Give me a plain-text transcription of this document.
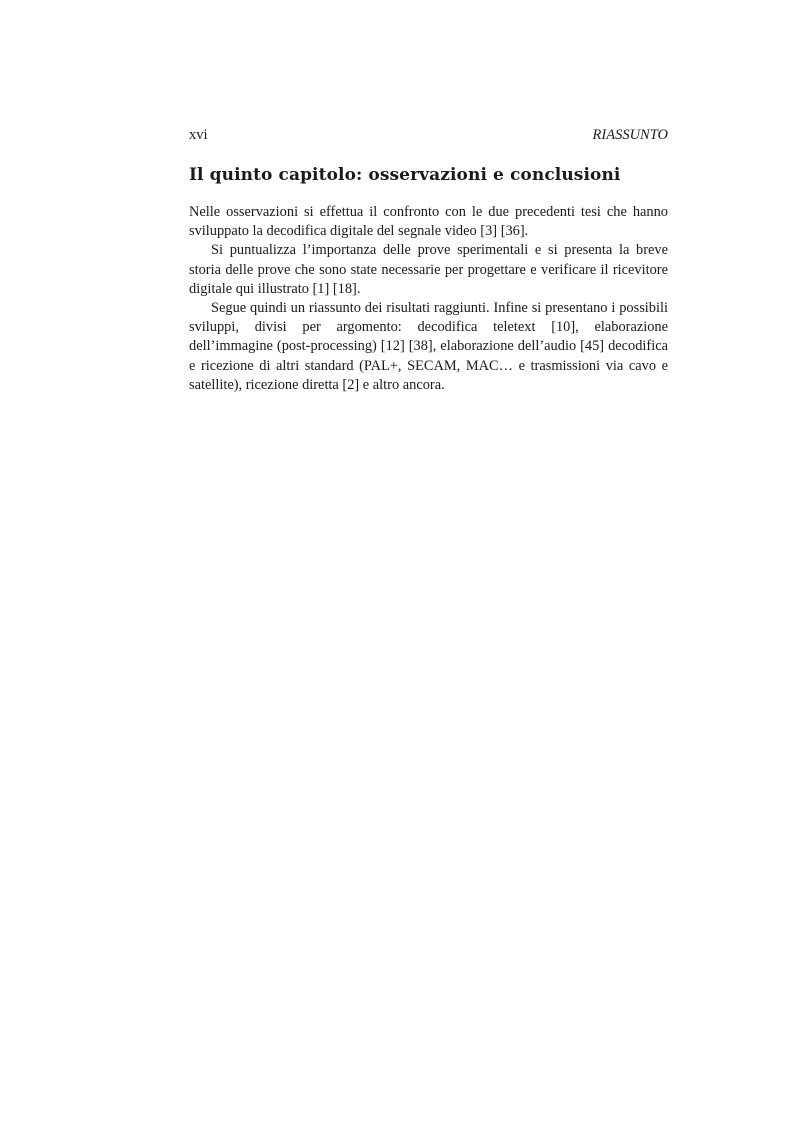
xvi	RIASSUNTO
Il quinto capitolo: osservazioni e conclusioni

Nelle osservazioni si effettua il confronto con le due precedenti tesi che hanno sviluppato la decodifica digitale del segnale video [3] [36].

Si puntualizza l’importanza delle prove sperimentali e si presenta la breve storia delle prove che sono state necessarie per progettare e verificare il ricevitore digitale qui illustrato [1] [18].

Segue quindi un riassunto dei risultati raggiunti. Infine si presentano i possibili sviluppi, divisi per argomento: decodifica teletext [10], elaborazione dell’immagine (post-processing) [12] [38], elaborazione dell’audio [45] decodifica e ricezione di altri standard (PAL+, SECAM, MAC… e trasmissioni via cavo e satellite), ricezione diretta [2] e altro ancora.
